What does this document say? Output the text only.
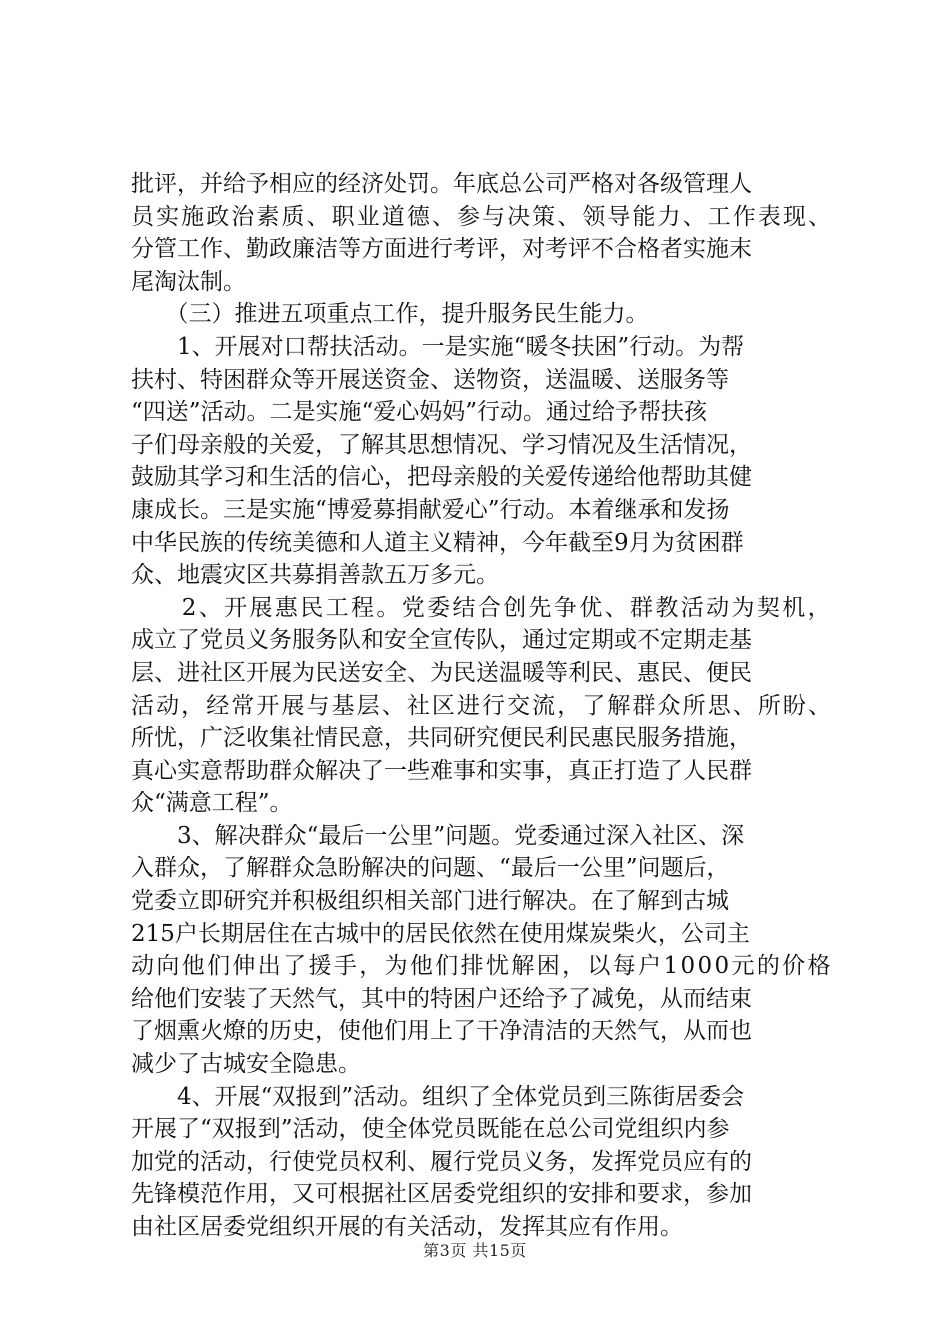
批评，并给予相应的经济处罚。年底总公司严格对各级管理人
员实施政治素质、职业道德、参与决策、领导能力、工作表现、
分管工作、勤政廉洁等方面进行考评，对考评不合格者实施末
尾淘汰制。
　　（三）推进五项重点工作，提升服务民生能力。
　　1、开展对口帮扶活动。一是实施“暖冬扶困”行动。为帮
扶村、特困群众等开展送资金、送物资，送温暖、送服务等
“四送”活动。二是实施“爱心妈妈”行动。通过给予帮扶孩
子们母亲般的关爱，了解其思想情况、学习情况及生活情况，
鼓励其学习和生活的信心，把母亲般的关爱传递给他帮助其健
康成长。三是实施“博爱募捐献爱心”行动。本着继承和发扬
中华民族的传统美德和人道主义精神，今年截至9月为贫困群
众、地震灾区共募捐善款五万多元。
　　2、开展惠民工程。党委结合创先争优、群教活动为契机，
成立了党员义务服务队和安全宣传队，通过定期或不定期走基
层、进社区开展为民送安全、为民送温暖等利民、惠民、便民
活动，经常开展与基层、社区进行交流，了解群众所思、所盼、
所忧，广泛收集社情民意，共同研究便民利民惠民服务措施，
真心实意帮助群众解决了一些难事和实事，真正打造了人民群
众“满意工程”。
　　3、解决群众“最后一公里”问题。党委通过深入社区、深
入群众，了解群众急盼解决的问题、“最后一公里”问题后，
党委立即研究并积极组织相关部门进行解决。在了解到古城
215户长期居住在古城中的居民依然在使用煤炭柴火，公司主
动向他们伸出了援手，为他们排忧解困，以每户1000元的价格
给他们安装了天然气，其中的特困户还给予了减免，从而结束
了烟熏火燎的历史，使他们用上了干净清洁的天然气，从而也
减少了古城安全隐患。
　　4、开展“双报到”活动。组织了全体党员到三陈街居委会
开展了“双报到”活动，使全体党员既能在总公司党组织内参
加党的活动，行使党员权利、履行党员义务，发挥党员应有的
先锋模范作用，又可根据社区居委党组织的安排和要求，参加
由社区居委党组织开展的有关活动，发挥其应有作用。
第3页 共15页
